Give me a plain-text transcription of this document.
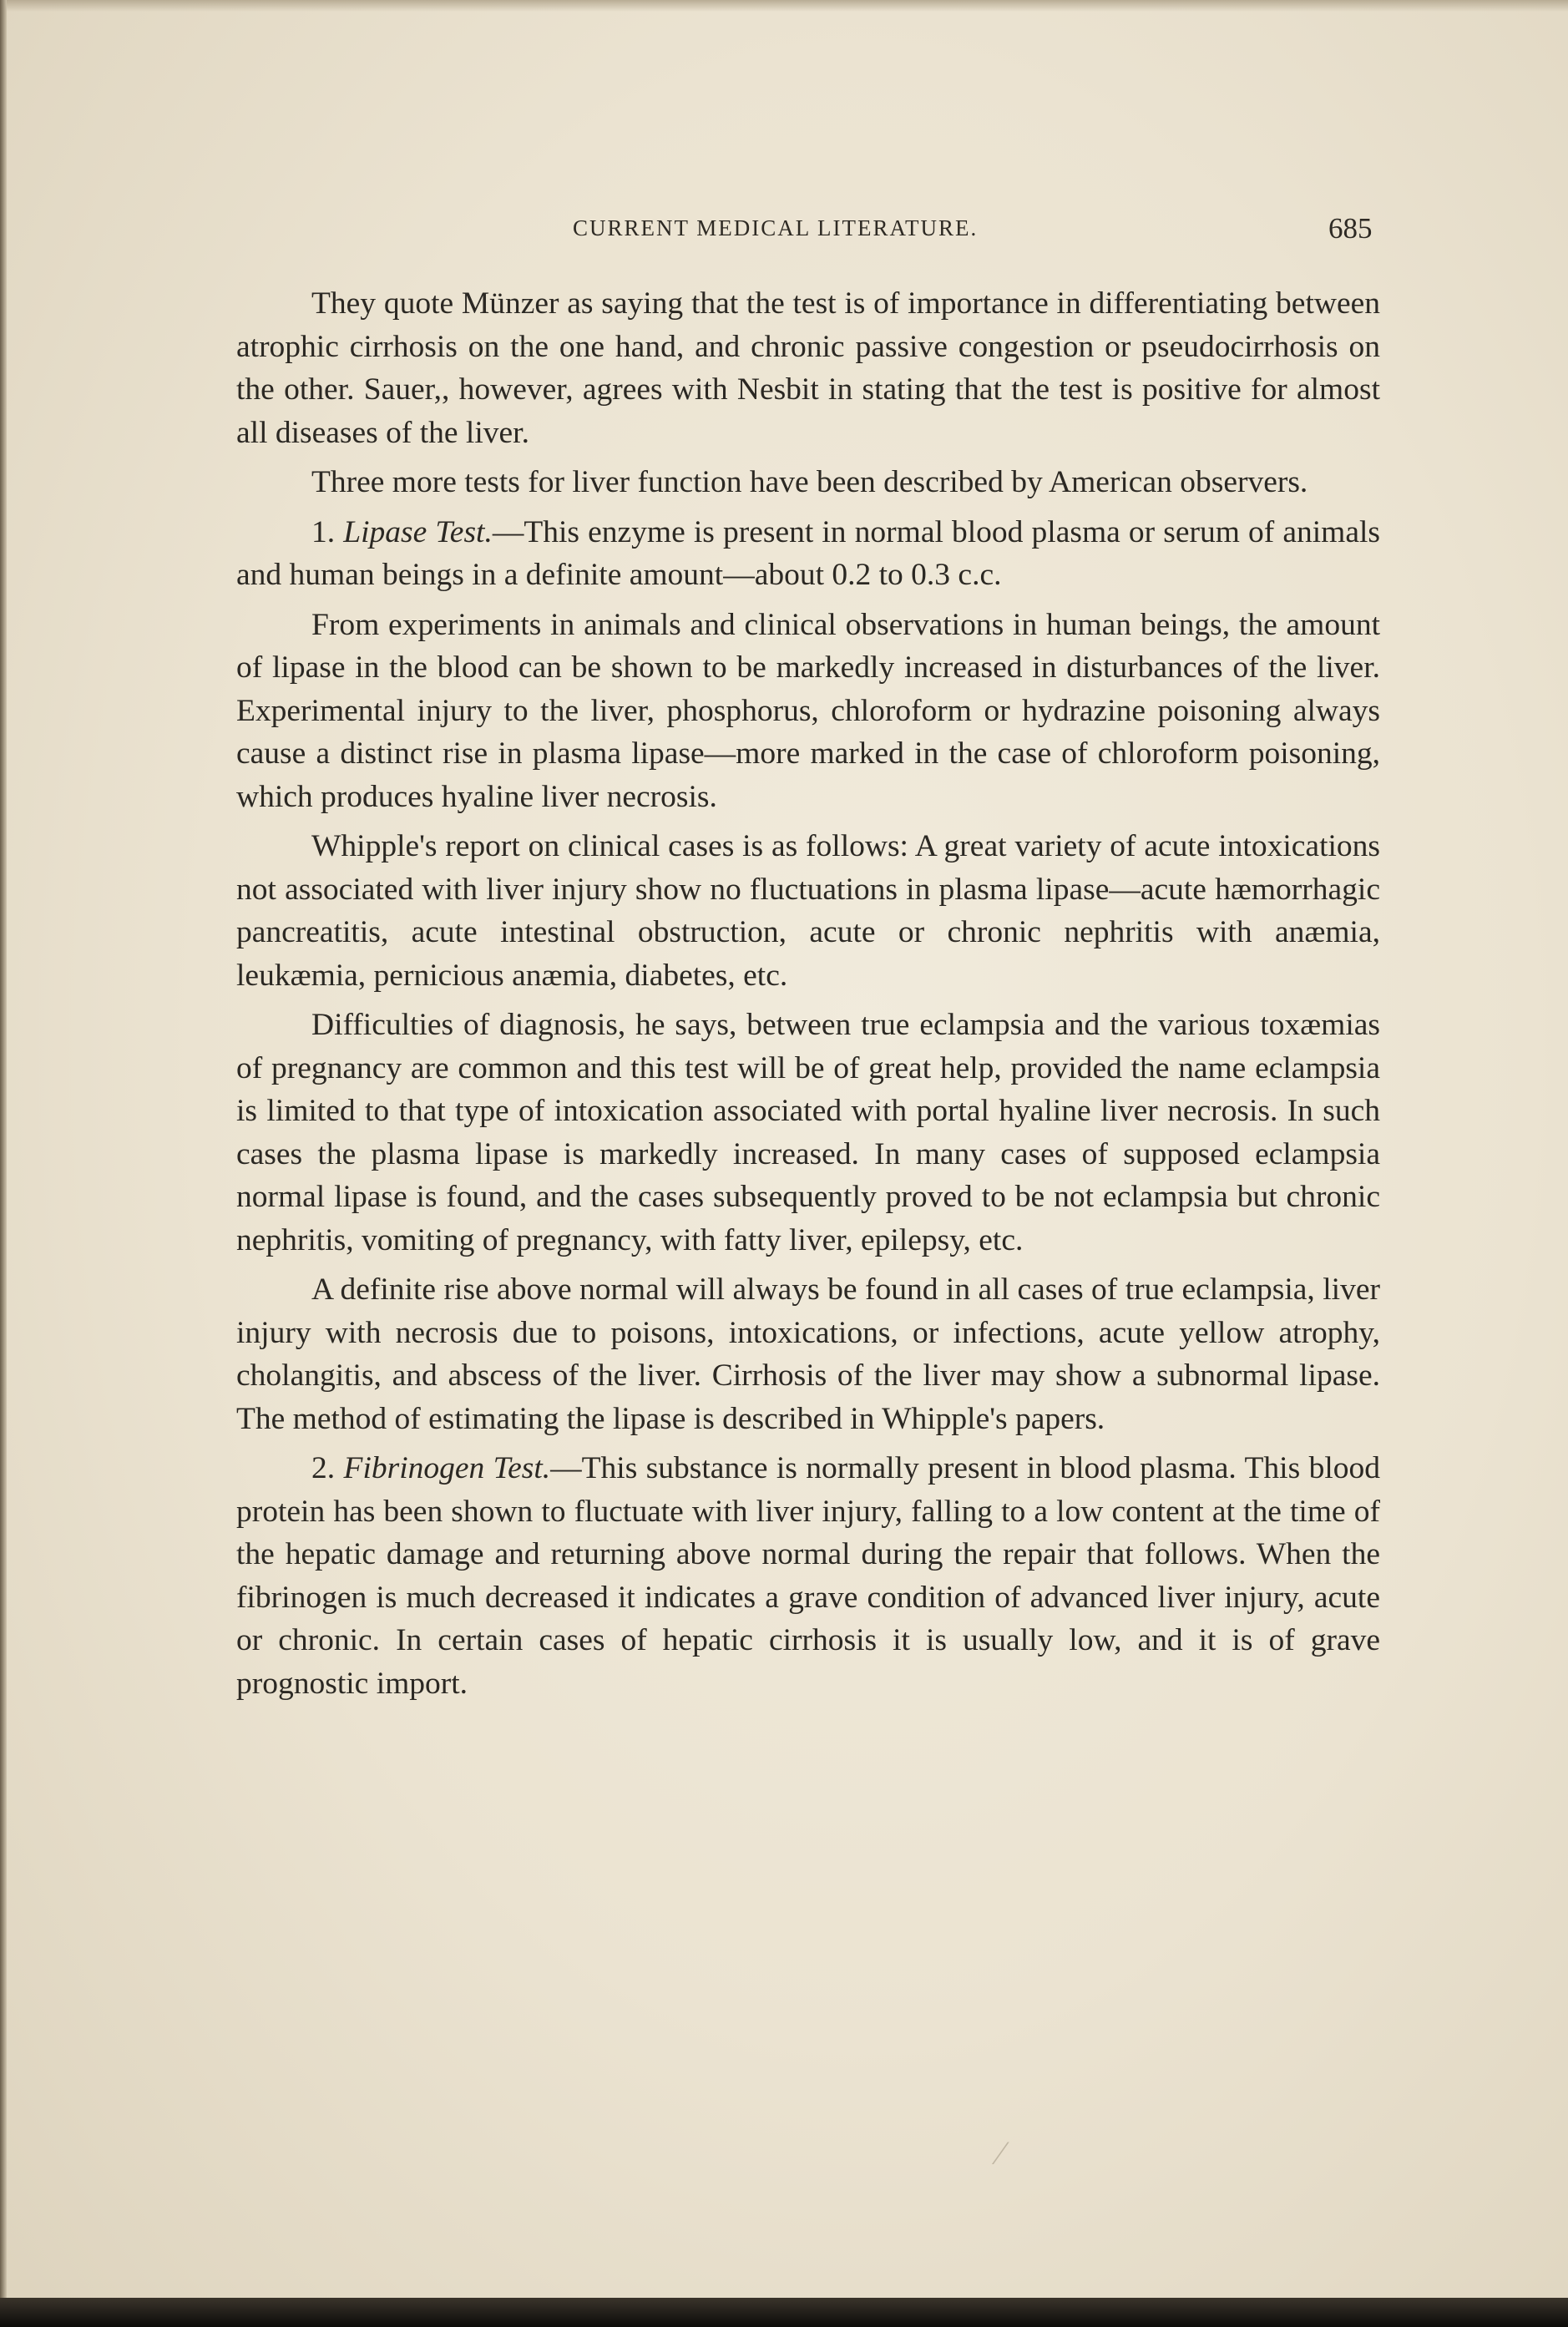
CURRENT MEDICAL LITERATURE.	685

They quote Münzer as saying that the test is of importance in differentiating between atrophic cirrhosis on the one hand, and chronic passive congestion or pseudocirrhosis on the other. Sauer,, however, agrees with Nesbit in stating that the test is positive for almost all diseases of the liver.

Three more tests for liver function have been described by American observers.

1. Lipase Test.—This enzyme is present in normal blood plasma or serum of animals and human beings in a definite amount—about 0.2 to 0.3 c.c.

From experiments in animals and clinical observations in human beings, the amount of lipase in the blood can be shown to be markedly increased in disturbances of the liver. Experimental injury to the liver, phosphorus, chloroform or hydrazine poisoning always cause a distinct rise in plasma lipase—more marked in the case of chloroform poisoning, which produces hyaline liver necrosis.

Whipple's report on clinical cases is as follows: A great variety of acute intoxications not associated with liver injury show no fluctuations in plasma lipase—acute hæmorrhagic pancreatitis, acute intestinal obstruction, acute or chronic nephritis with anæmia, leukæmia, pernicious anæmia, diabetes, etc.

Difficulties of diagnosis, he says, between true eclampsia and the various toxæmias of pregnancy are common and this test will be of great help, provided the name eclampsia is limited to that type of intoxication associated with portal hyaline liver necrosis. In such cases the plasma lipase is markedly increased. In many cases of supposed eclampsia normal lipase is found, and the cases subsequently proved to be not eclampsia but chronic nephritis, vomiting of pregnancy, with fatty liver, epilepsy, etc.

A definite rise above normal will always be found in all cases of true eclampsia, liver injury with necrosis due to poisons, intoxications, or infections, acute yellow atrophy, cholangitis, and abscess of the liver. Cirrhosis of the liver may show a subnormal lipase. The method of estimating the lipase is described in Whipple's papers.

2. Fibrinogen Test.—This substance is normally present in blood plasma. This blood protein has been shown to fluctuate with liver injury, falling to a low content at the time of the hepatic damage and returning above normal during the repair that follows. When the fibrinogen is much decreased it indicates a grave condition of advanced liver injury, acute or chronic. In certain cases of hepatic cirrhosis it is usually low, and it is of grave prognostic import.

⁄
